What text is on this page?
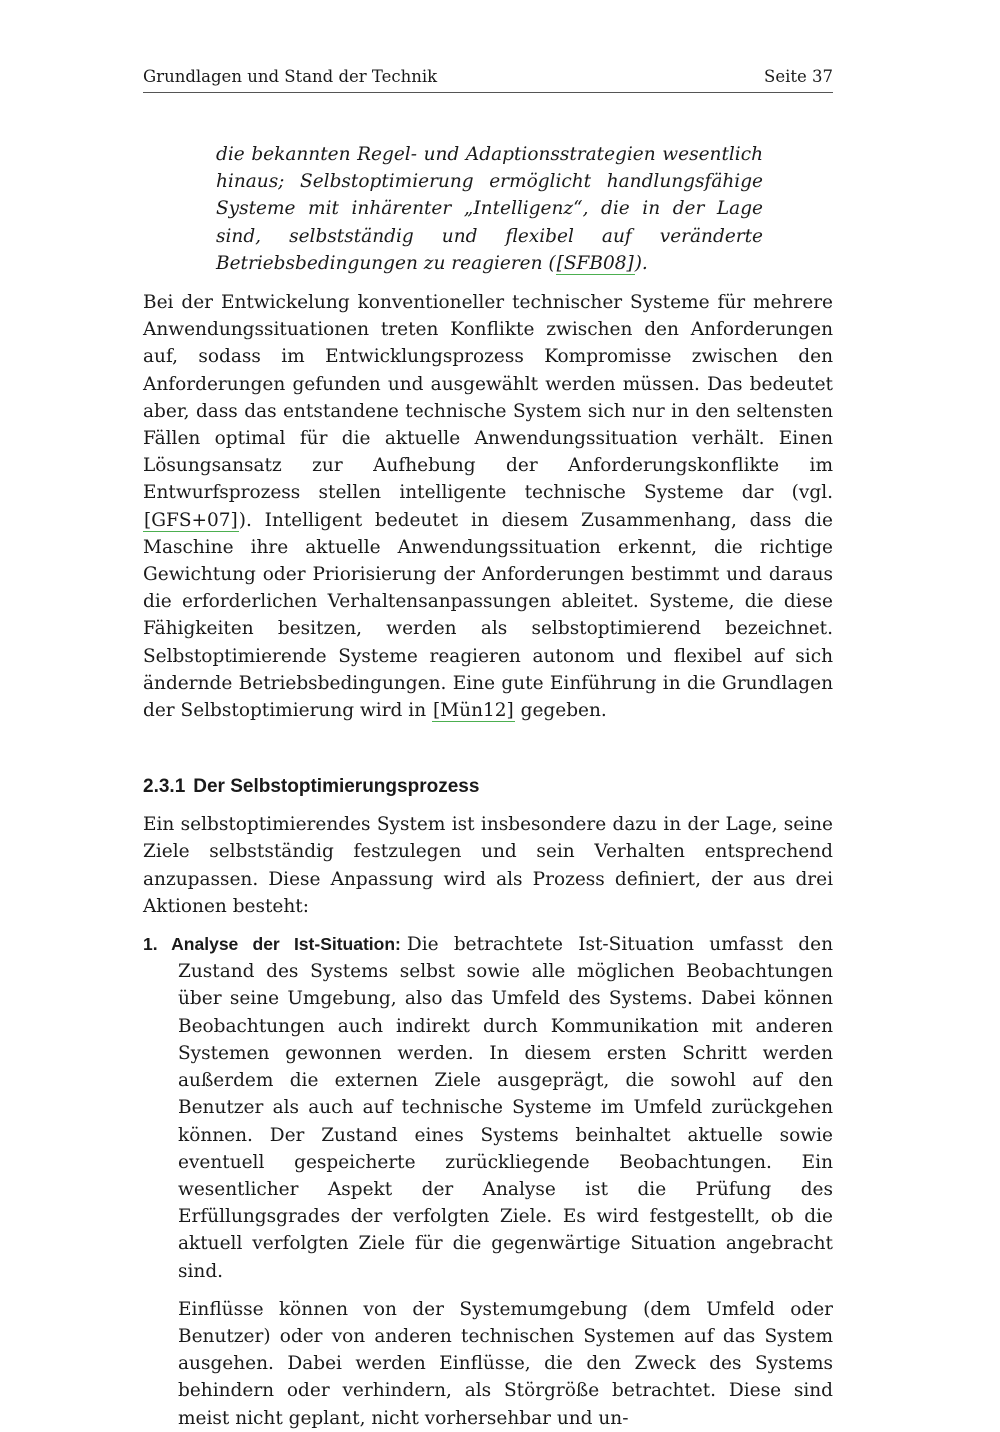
Grundlagen und Stand der Technik	Seite 37
die bekannten Regel- und Adaptionsstrategien wesentlich hinaus; Selbstoptimierung ermöglicht handlungsfähige Systeme mit inhärenter „Intelligenz“, die in der Lage sind, selbstständig und flexibel auf veränderte Betriebsbedingungen zu reagieren ([SFB08]).

Bei der Entwickelung konventioneller technischer Systeme für mehrere Anwendungssituationen treten Konflikte zwischen den Anforderungen auf, sodass im Entwicklungsprozess Kompromisse zwischen den Anforderungen gefunden und ausgewählt werden müssen. Das bedeutet aber, dass das entstandene technische System sich nur in den seltensten Fällen optimal für die aktuelle Anwendungssituation verhält. Einen Lösungsansatz zur Aufhebung der Anforderungskonflikte im Entwurfsprozess stellen intelligente technische Systeme dar (vgl. [GFS+07]). Intelligent bedeutet in diesem Zusammenhang, dass die Maschine ihre aktuelle Anwendungssituation erkennt, die richtige Gewichtung oder Priorisierung der Anforderungen bestimmt und daraus die erforderlichen Verhaltensanpassungen ableitet. Systeme, die diese Fähigkeiten besitzen, werden als selbstoptimierend bezeichnet. Selbstoptimierende Systeme reagieren autonom und flexibel auf sich ändernde Betriebsbedingungen. Eine gute Einführung in die Grundlagen der Selbstoptimierung wird in [Mün12] gegeben.

2.3.1 Der Selbstoptimierungsprozess

Ein selbstoptimierendes System ist insbesondere dazu in der Lage, seine Ziele selbstständig festzulegen und sein Verhalten entsprechend anzupassen. Diese Anpassung wird als Prozess definiert, der aus drei Aktionen besteht:

1. Analyse der Ist-Situation: Die betrachtete Ist-Situation umfasst den Zustand des Systems selbst sowie alle möglichen Beobachtungen über seine Umgebung, also das Umfeld des Systems. Dabei können Beobachtungen auch indirekt durch Kommunikation mit anderen Systemen gewonnen werden. In diesem ersten Schritt werden außerdem die externen Ziele ausgeprägt, die sowohl auf den Benutzer als auch auf technische Systeme im Umfeld zurückgehen können. Der Zustand eines Systems beinhaltet aktuelle sowie eventuell gespeicherte zurückliegende Beobachtungen. Ein wesentlicher Aspekt der Analyse ist die Prüfung des Erfüllungsgrades der verfolgten Ziele. Es wird festgestellt, ob die aktuell verfolgten Ziele für die gegenwärtige Situation angebracht sind.

Einflüsse können von der Systemumgebung (dem Umfeld oder Benutzer) oder von anderen technischen Systemen auf das System ausgehen. Dabei werden Einflüsse, die den Zweck des Systems behindern oder verhindern, als Störgröße betrachtet. Diese sind meist nicht geplant, nicht vorhersehbar und un-
